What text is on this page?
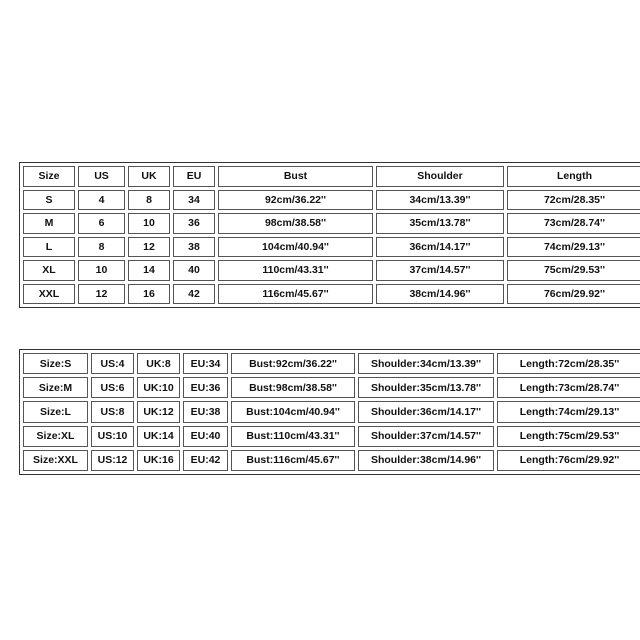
Size	US	UK	EU	Bust	Shoulder	Length
S	4	8	34	92cm/36.22''	34cm/13.39''	72cm/28.35''
M	6	10	36	98cm/38.58''	35cm/13.78''	73cm/28.74''
L	8	12	38	104cm/40.94''	36cm/14.17''	74cm/29.13''
XL	10	14	40	110cm/43.31''	37cm/14.57''	75cm/29.53''
XXL	12	16	42	116cm/45.67''	38cm/14.96''	76cm/29.92''
Size:S	US:4	UK:8	EU:34	Bust:92cm/36.22''	Shoulder:34cm/13.39''	Length:72cm/28.35''
Size:M	US:6	UK:10	EU:36	Bust:98cm/38.58''	Shoulder:35cm/13.78''	Length:73cm/28.74''
Size:L	US:8	UK:12	EU:38	Bust:104cm/40.94''	Shoulder:36cm/14.17''	Length:74cm/29.13''
Size:XL	US:10	UK:14	EU:40	Bust:110cm/43.31''	Shoulder:37cm/14.57''	Length:75cm/29.53''
Size:XXL	US:12	UK:16	EU:42	Bust:116cm/45.67''	Shoulder:38cm/14.96''	Length:76cm/29.92''
